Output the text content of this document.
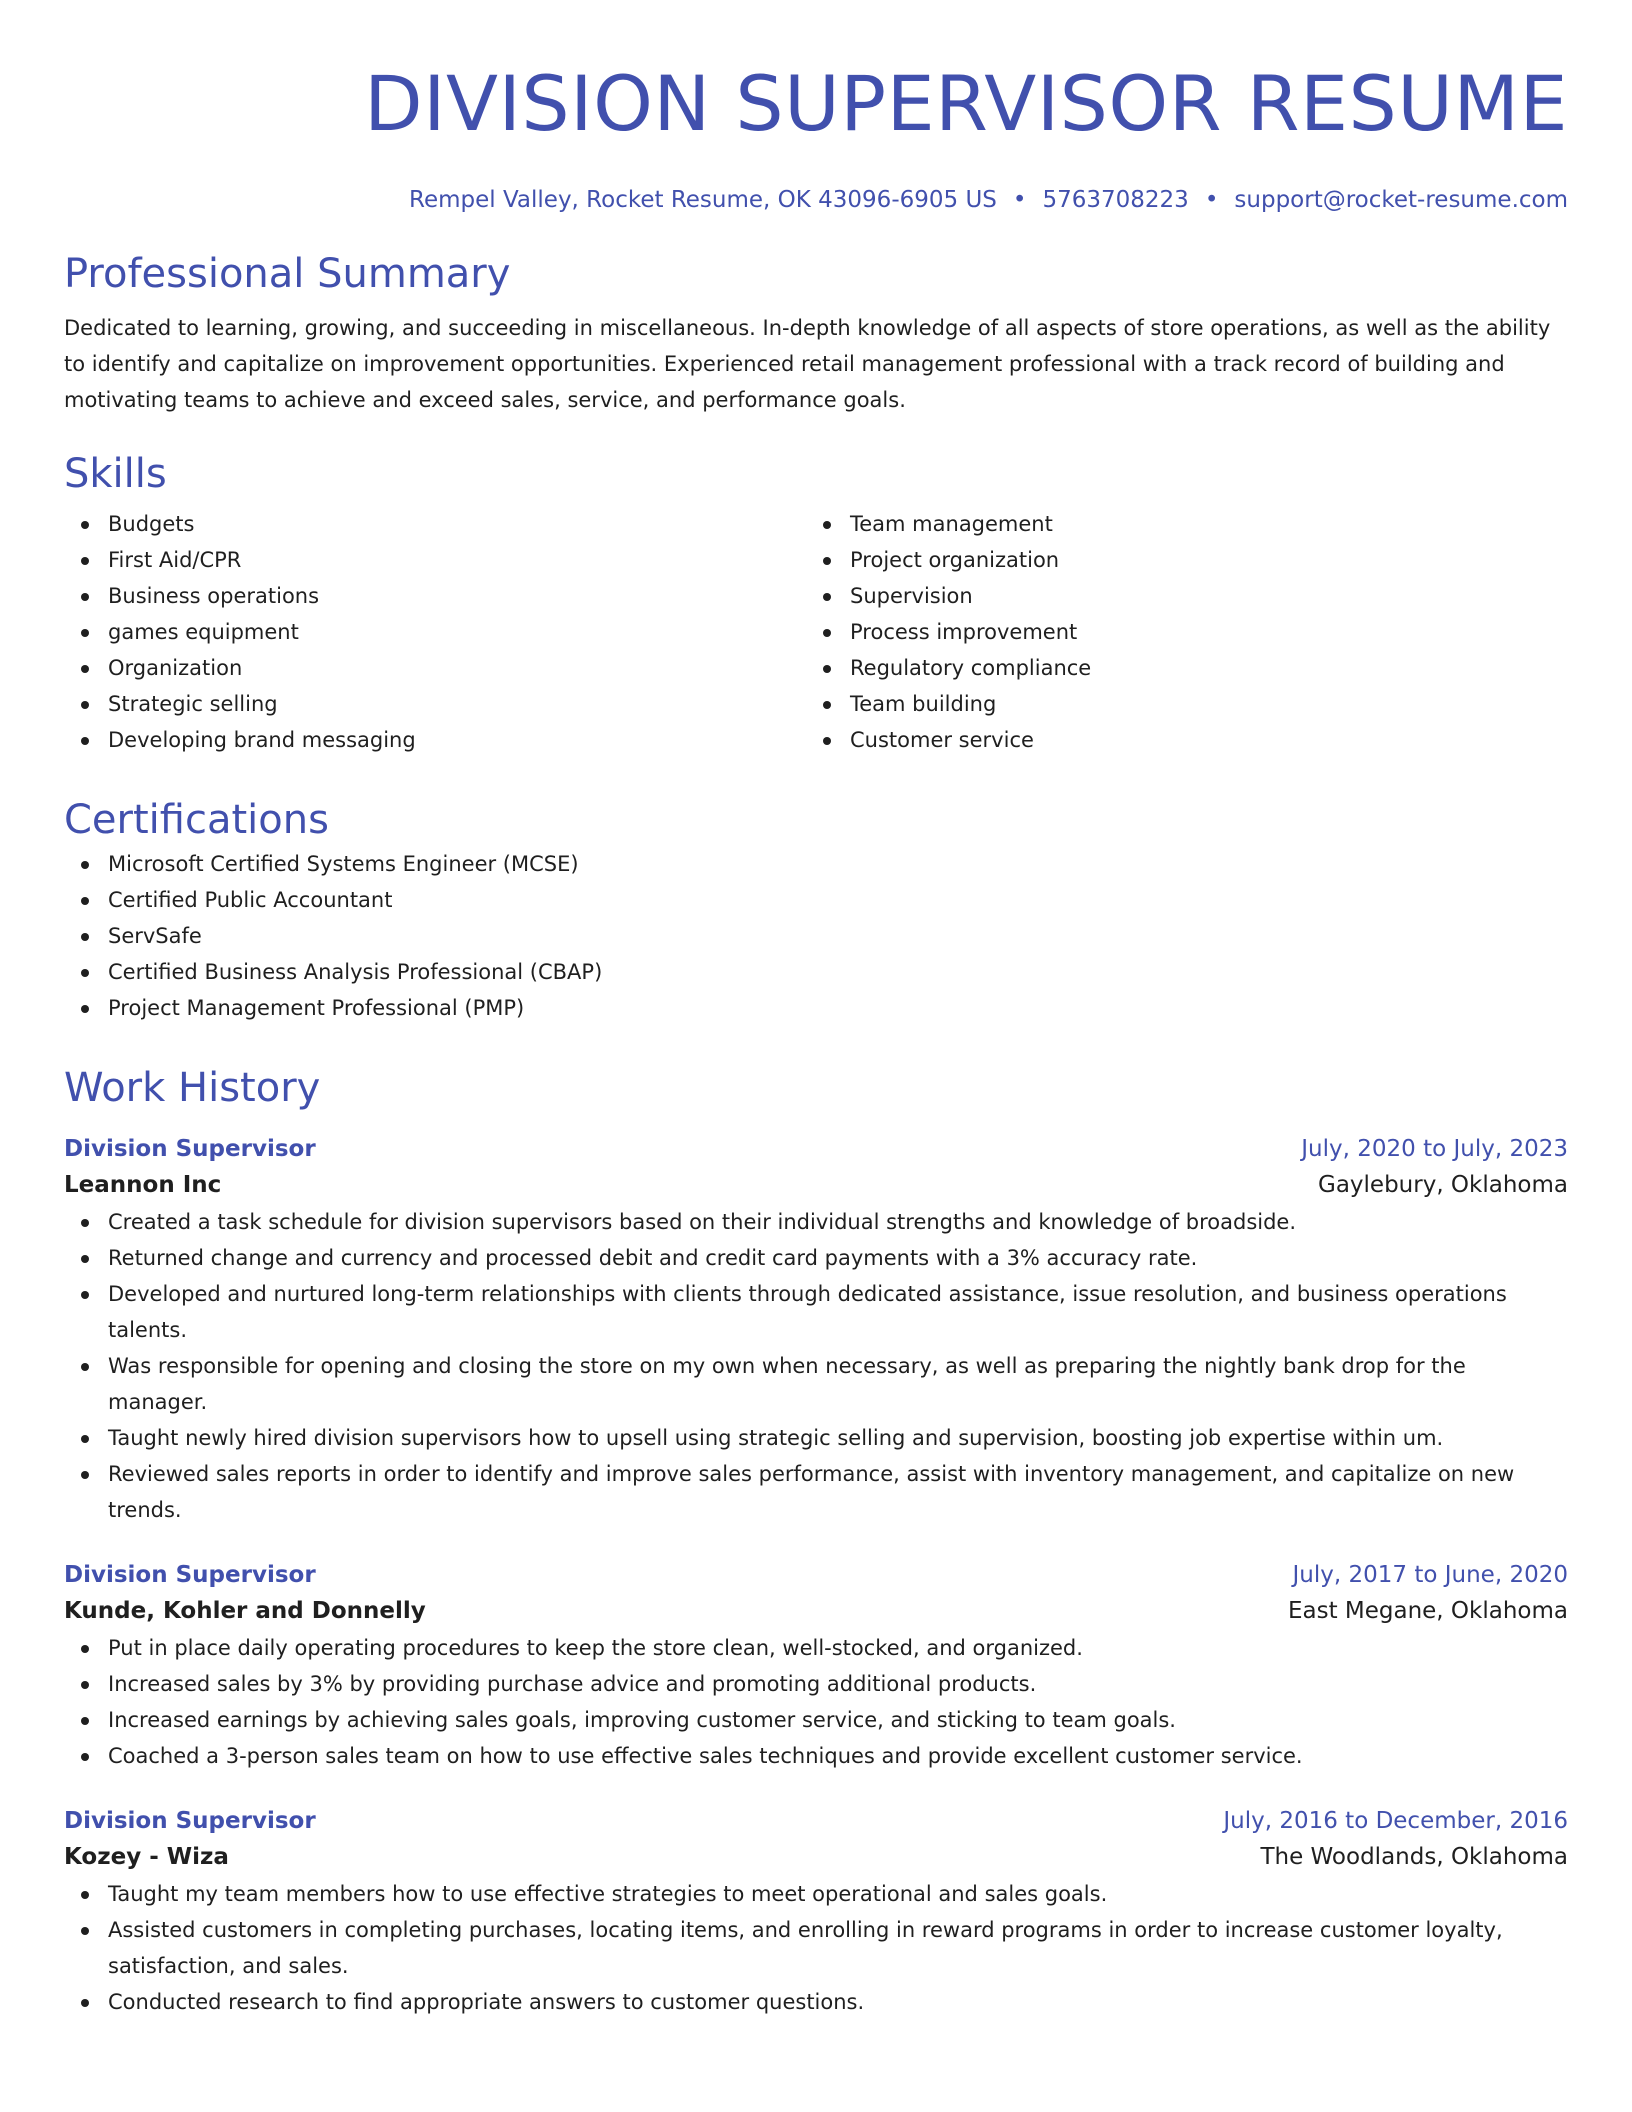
DIVISION SUPERVISOR RESUME
Rempel Valley, Rocket Resume, OK 43096-6905 US • 5763708223 • support@rocket-resume.com
Professional Summary

Dedicated to learning, growing, and succeeding in miscellaneous. In-depth knowledge of all aspects of store operations, as well as the ability to identify and capitalize on improvement opportunities. Experienced retail management professional with a track record of building and motivating teams to achieve and exceed sales, service, and performance goals.

Skills
Budgets
First Aid/CPR
Business operations
games equipment
Organization
Strategic selling
Developing brand messaging
Team management
Project organization
Supervision
Process improvement
Regulatory compliance
Team building
Customer service
Certifications
Microsoft Certified Systems Engineer (MCSE)
Certified Public Accountant
ServSafe
Certified Business Analysis Professional (CBAP)
Project Management Professional (PMP)
Work History
Division Supervisor	July, 2020 to July, 2023
Leannon Inc	Gaylebury, Oklahoma
Created a task schedule for division supervisors based on their individual strengths and knowledge of broadside.
Returned change and currency and processed debit and credit card payments with a 3% accuracy rate.
Developed and nurtured long-term relationships with clients through dedicated assistance, issue resolution, and business operations talents.
Was responsible for opening and closing the store on my own when necessary, as well as preparing the nightly bank drop for the manager.
Taught newly hired division supervisors how to upsell using strategic selling and supervision, boosting job expertise within um.
Reviewed sales reports in order to identify and improve sales performance, assist with inventory management, and capitalize on new trends.
Division Supervisor	July, 2017 to June, 2020
Kunde, Kohler and Donnelly	East Megane, Oklahoma
Put in place daily operating procedures to keep the store clean, well-stocked, and organized.
Increased sales by 3% by providing purchase advice and promoting additional products.
Increased earnings by achieving sales goals, improving customer service, and sticking to team goals.
Coached a 3-person sales team on how to use effective sales techniques and provide excellent customer service.
Division Supervisor	July, 2016 to December, 2016
Kozey - Wiza	The Woodlands, Oklahoma
Taught my team members how to use effective strategies to meet operational and sales goals.
Assisted customers in completing purchases, locating items, and enrolling in reward programs in order to increase customer loyalty, satisfaction, and sales.
Conducted research to find appropriate answers to customer questions.
